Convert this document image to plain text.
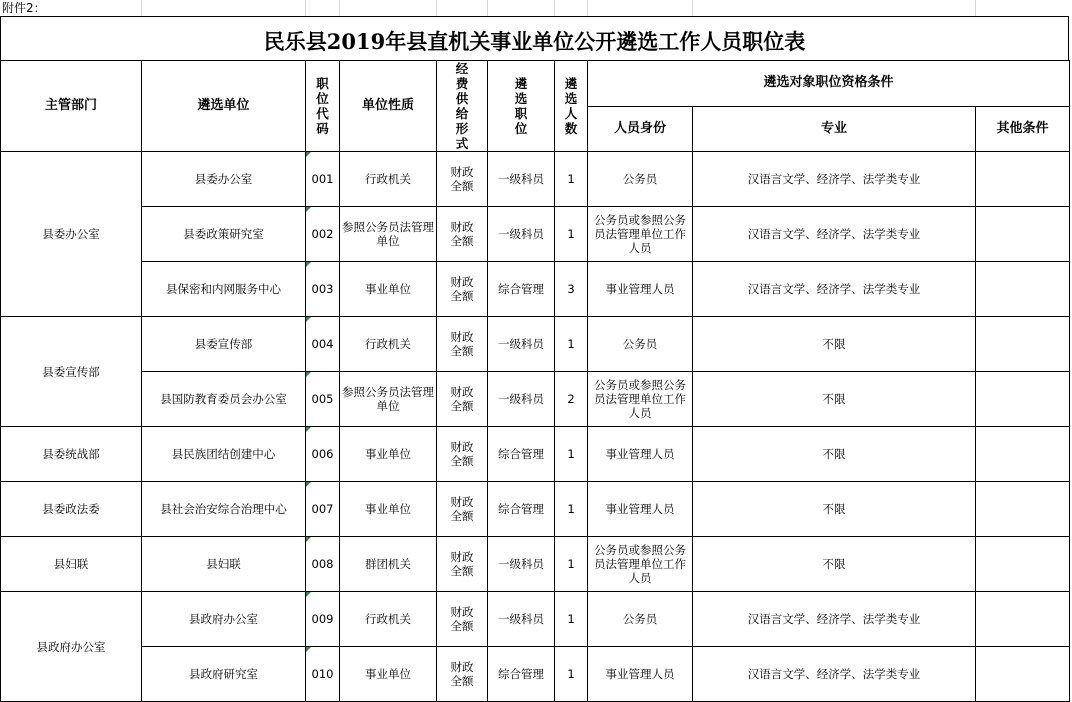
附件2：
民乐县2019年县直机关事业单位公开遴选工作人员职位表
主管部门	遴选单位	职位代码	单位性质	经费供给形式	遴选职位	遴选人数	遴选对象职位资格条件		
							人员身份	专业	其他条件
县委办公室	县委办公室	001	行政机关	财政全额	一级科员	1	公务员	汉语言文学、经济学、法学类专业	
	县委政策研究室	002	参照公务员法管理单位	财政全额	一级科员	1	公务员或参照公务员法管理单位工作人员	汉语言文学、经济学、法学类专业	
	县保密和内网服务中心	003	事业单位	财政全额	综合管理	3	事业管理人员	汉语言文学、经济学、法学类专业	
县委宣传部	县委宣传部	004	行政机关	财政全额	一级科员	1	公务员	不限	
	县国防教育委员会办公室	005	参照公务员法管理单位	财政全额	一级科员	2	公务员或参照公务员法管理单位工作人员	不限	
县委统战部	县民族团结创建中心	006	事业单位	财政全额	综合管理	1	事业管理人员	不限	
县委政法委	县社会治安综合治理中心	007	事业单位	财政全额	综合管理	1	事业管理人员	不限	
县妇联	县妇联	008	群团机关	财政全额	一级科员	1	公务员或参照公务员法管理单位工作人员	不限	
县政府办公室	县政府办公室	009	行政机关	财政全额	一级科员	1	公务员	汉语言文学、经济学、法学类专业	
	县政府研究室	010	事业单位	财政全额	综合管理	1	事业管理人员	汉语言文学、经济学、法学类专业	
